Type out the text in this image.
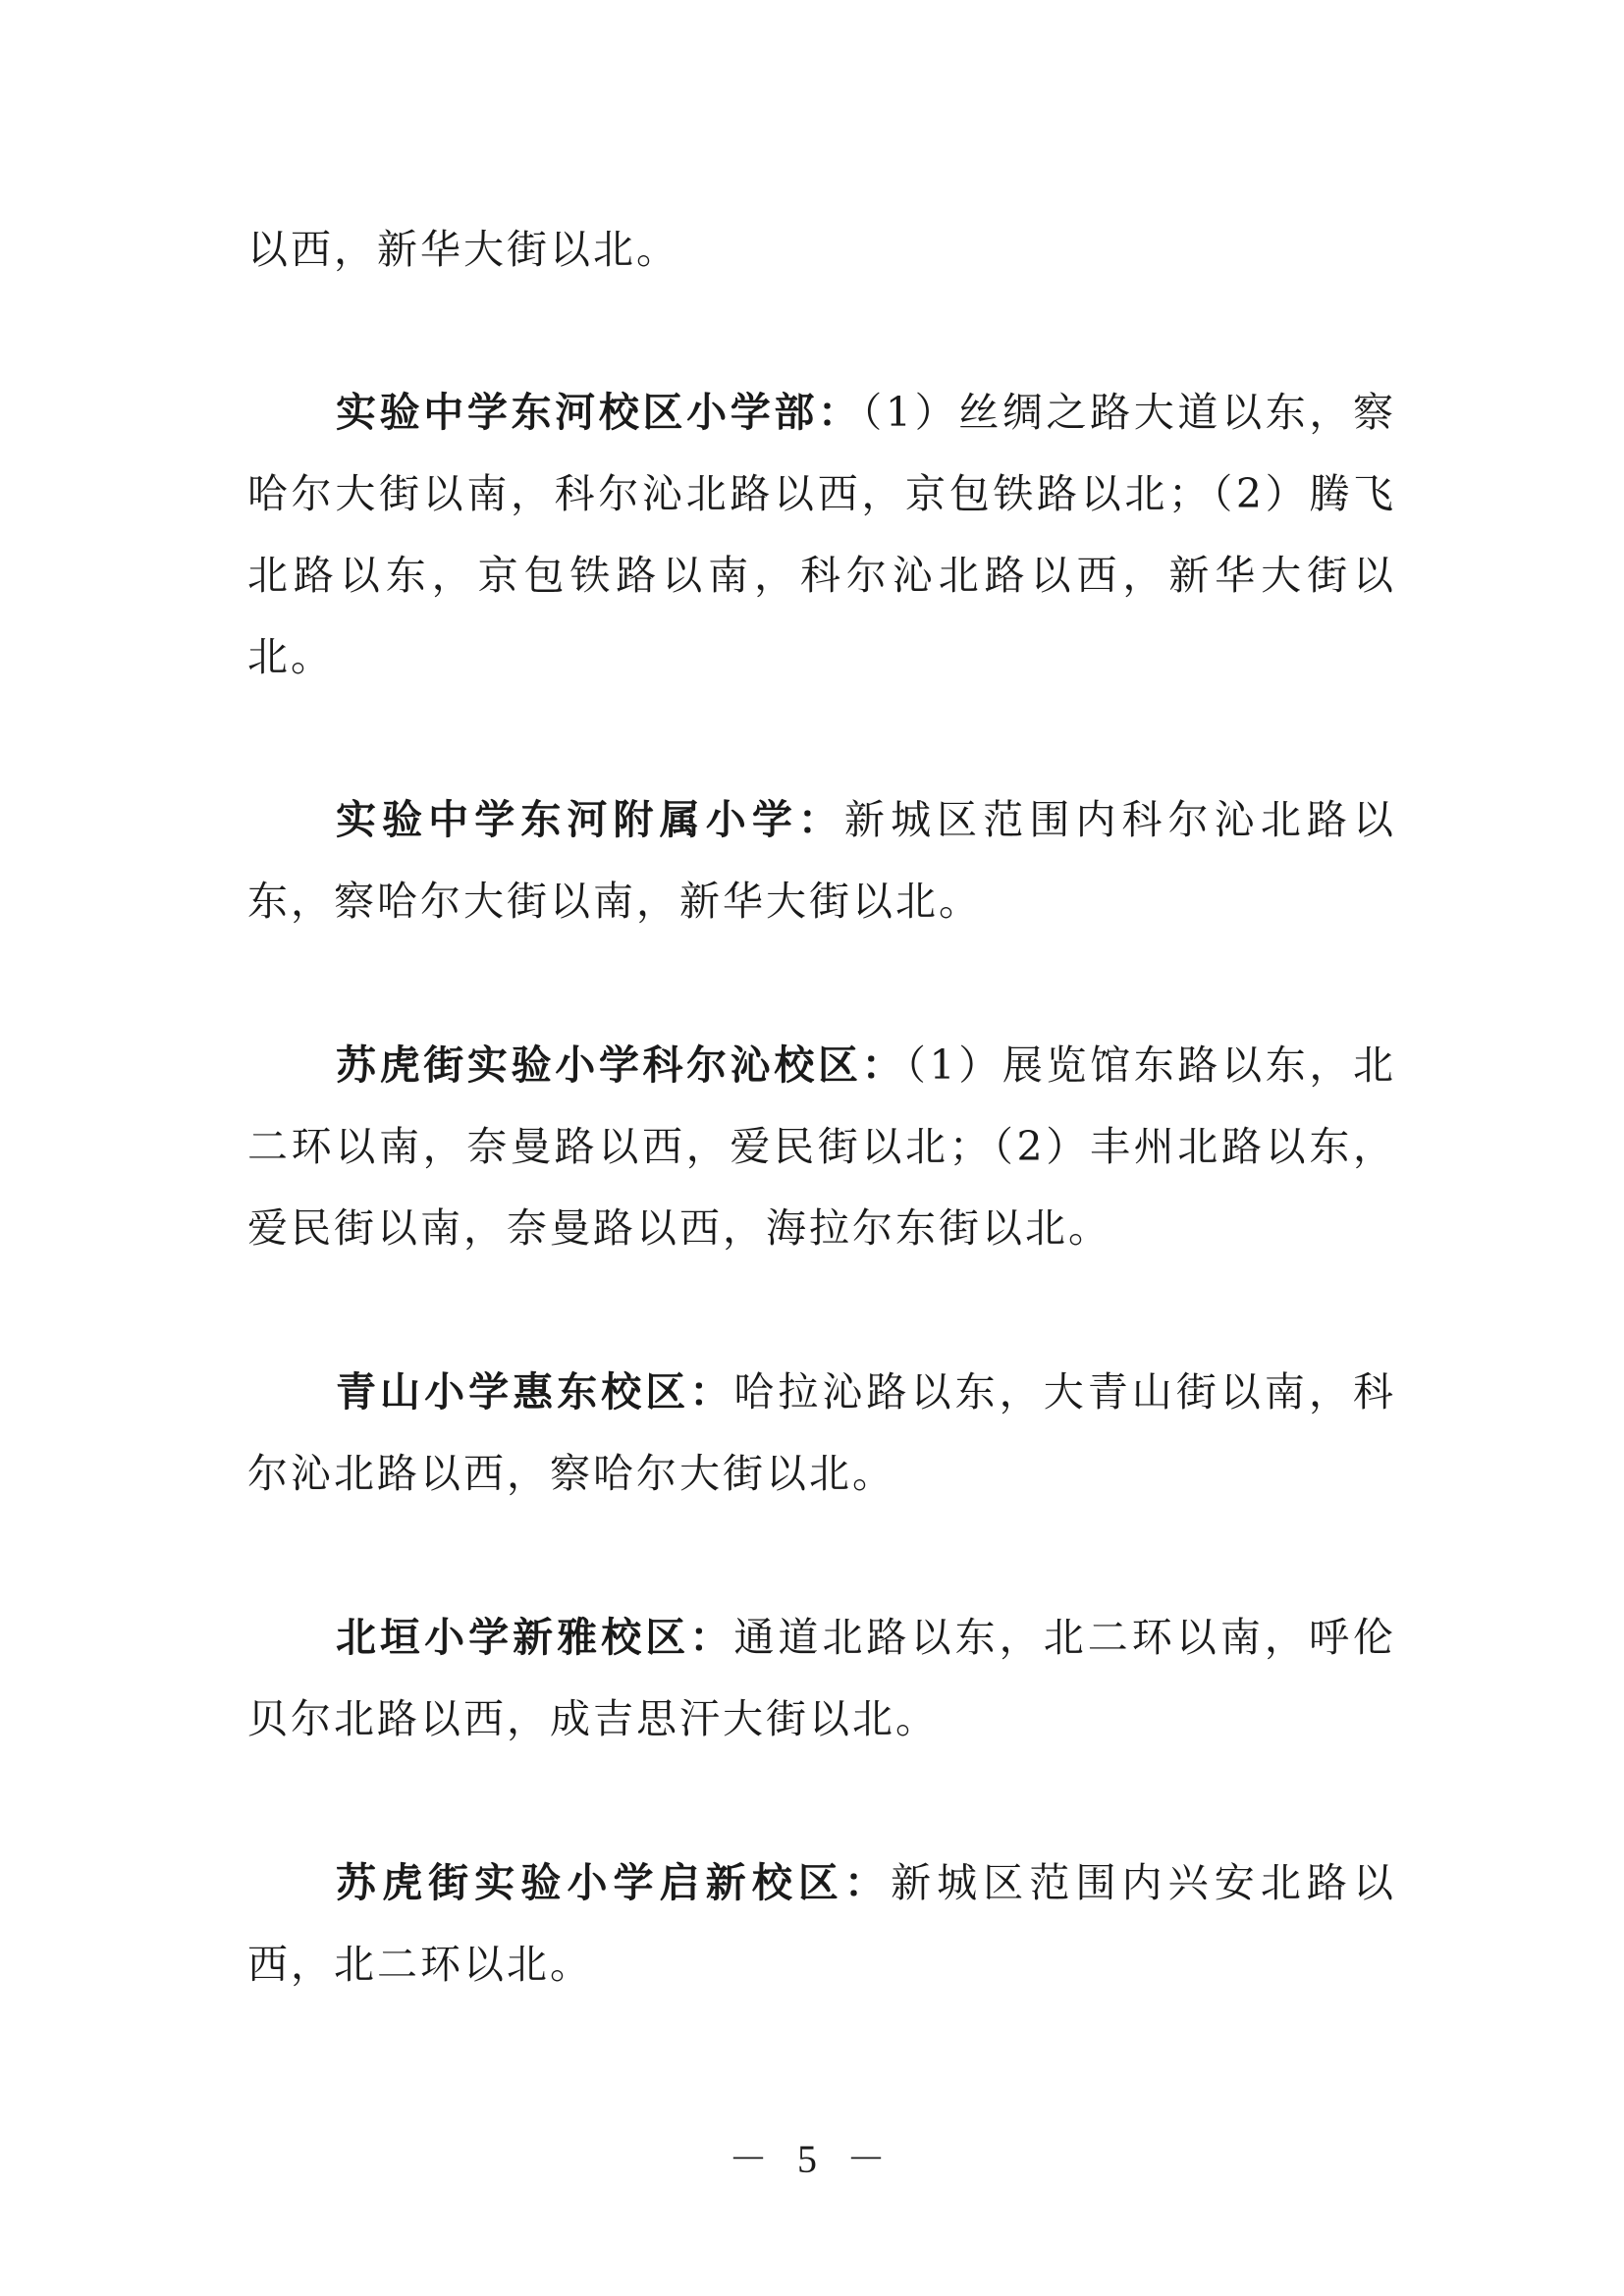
以西，新华大街以北。

实验中学东河校区小学部：（1）丝绸之路大道以东，察哈尔大街以南，科尔沁北路以西，京包铁路以北；（2）腾飞北路以东，京包铁路以南，科尔沁北路以西，新华大街以北。

实验中学东河附属小学：新城区范围内科尔沁北路以东，察哈尔大街以南，新华大街以北。

苏虎街实验小学科尔沁校区：（1）展览馆东路以东，北二环以南，奈曼路以西，爱民街以北；（2）丰州北路以东，爱民街以南，奈曼路以西，海拉尔东街以北。

青山小学惠东校区：哈拉沁路以东，大青山街以南，科尔沁北路以西，察哈尔大街以北。

北垣小学新雅校区：通道北路以东，北二环以南，呼伦贝尔北路以西，成吉思汗大街以北。

苏虎街实验小学启新校区：新城区范围内兴安北路以西，北二环以北。

－ 5 －
